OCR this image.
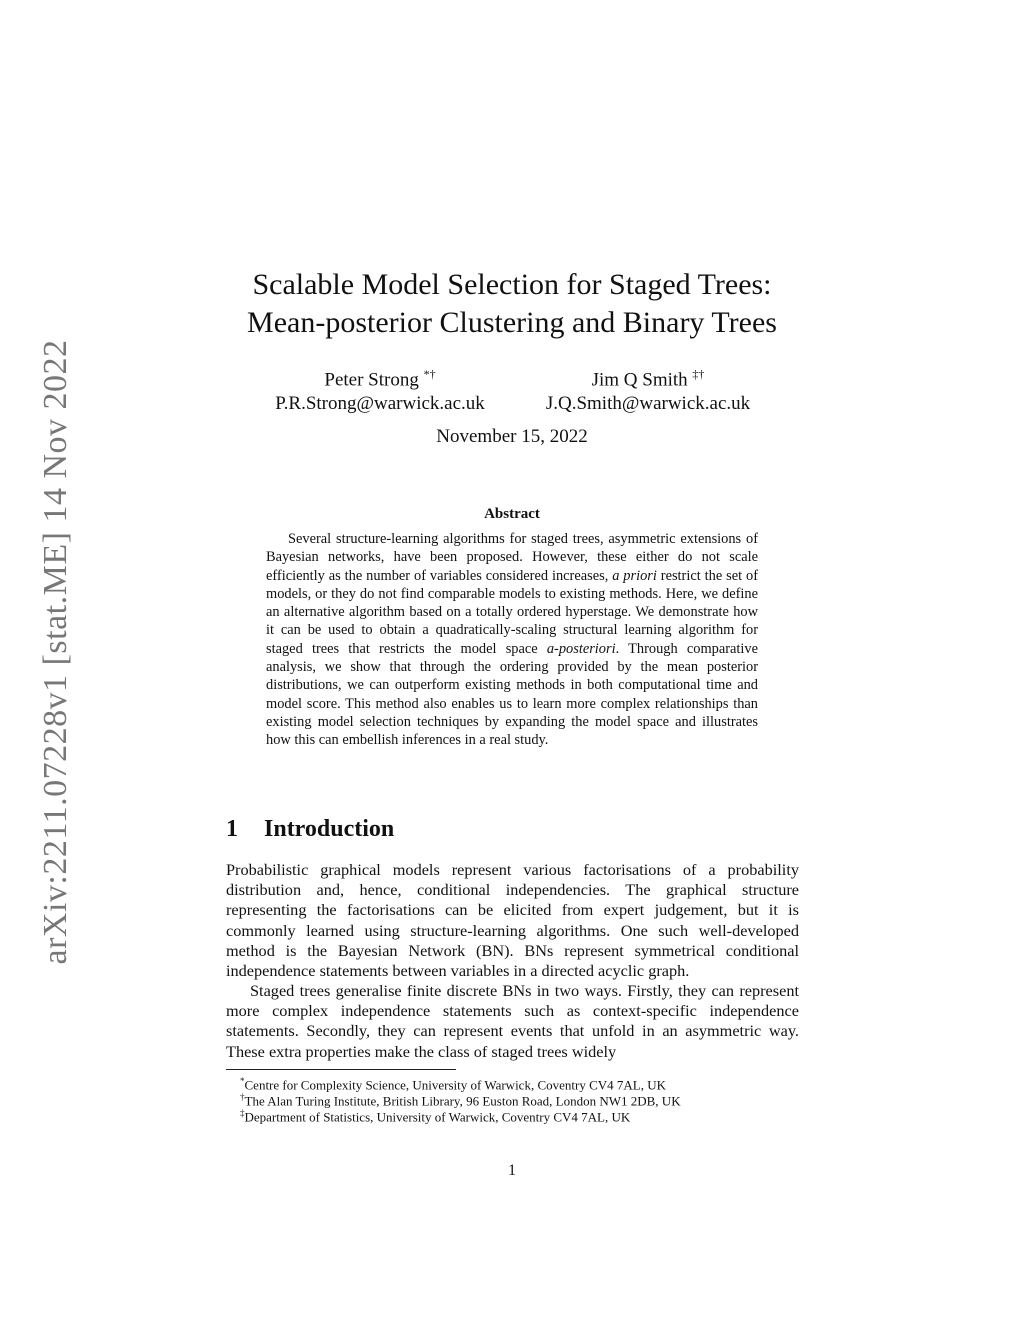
arXiv:2211.07228v1 [stat.ME] 14 Nov 2022
Scalable Model Selection for Staged Trees:
Mean-posterior Clustering and Binary Trees
Peter Strong *†
P.R.Strong@warwick.ac.uk
Jim Q Smith ‡†
J.Q.Smith@warwick.ac.uk
November 15, 2022
Abstract
Several structure-learning algorithms for staged trees, asymmetric extensions of Bayesian networks, have been proposed. However, these either do not scale efficiently as the number of variables considered increases, a priori restrict the set of models, or they do not find comparable models to existing methods. Here, we define an alternative algorithm based on a totally ordered hyperstage. We demonstrate how it can be used to obtain a quadratically-scaling structural learning algorithm for staged trees that restricts the model space a-posteriori. Through comparative analysis, we show that through the ordering provided by the mean posterior distributions, we can outperform existing methods in both computational time and model score. This method also enables us to learn more complex relationships than existing model selection techniques by expanding the model space and illustrates how this can embellish inferences in a real study.
1 Introduction
Probabilistic graphical models represent various factorisations of a probability distribution and, hence, conditional independencies. The graphical structure representing the factorisations can be elicited from expert judgement, but it is commonly learned using structure-learning algorithms. One such well-developed method is the Bayesian Network (BN). BNs represent symmetrical conditional independence statements between variables in a directed acyclic graph.
Staged trees generalise finite discrete BNs in two ways. Firstly, they can represent more complex independence statements such as context-specific independence statements. Secondly, they can represent events that unfold in an asymmetric way. These extra properties make the class of staged trees widely
*Centre for Complexity Science, University of Warwick, Coventry CV4 7AL, UK
†The Alan Turing Institute, British Library, 96 Euston Road, London NW1 2DB, UK
‡Department of Statistics, University of Warwick, Coventry CV4 7AL, UK
1
